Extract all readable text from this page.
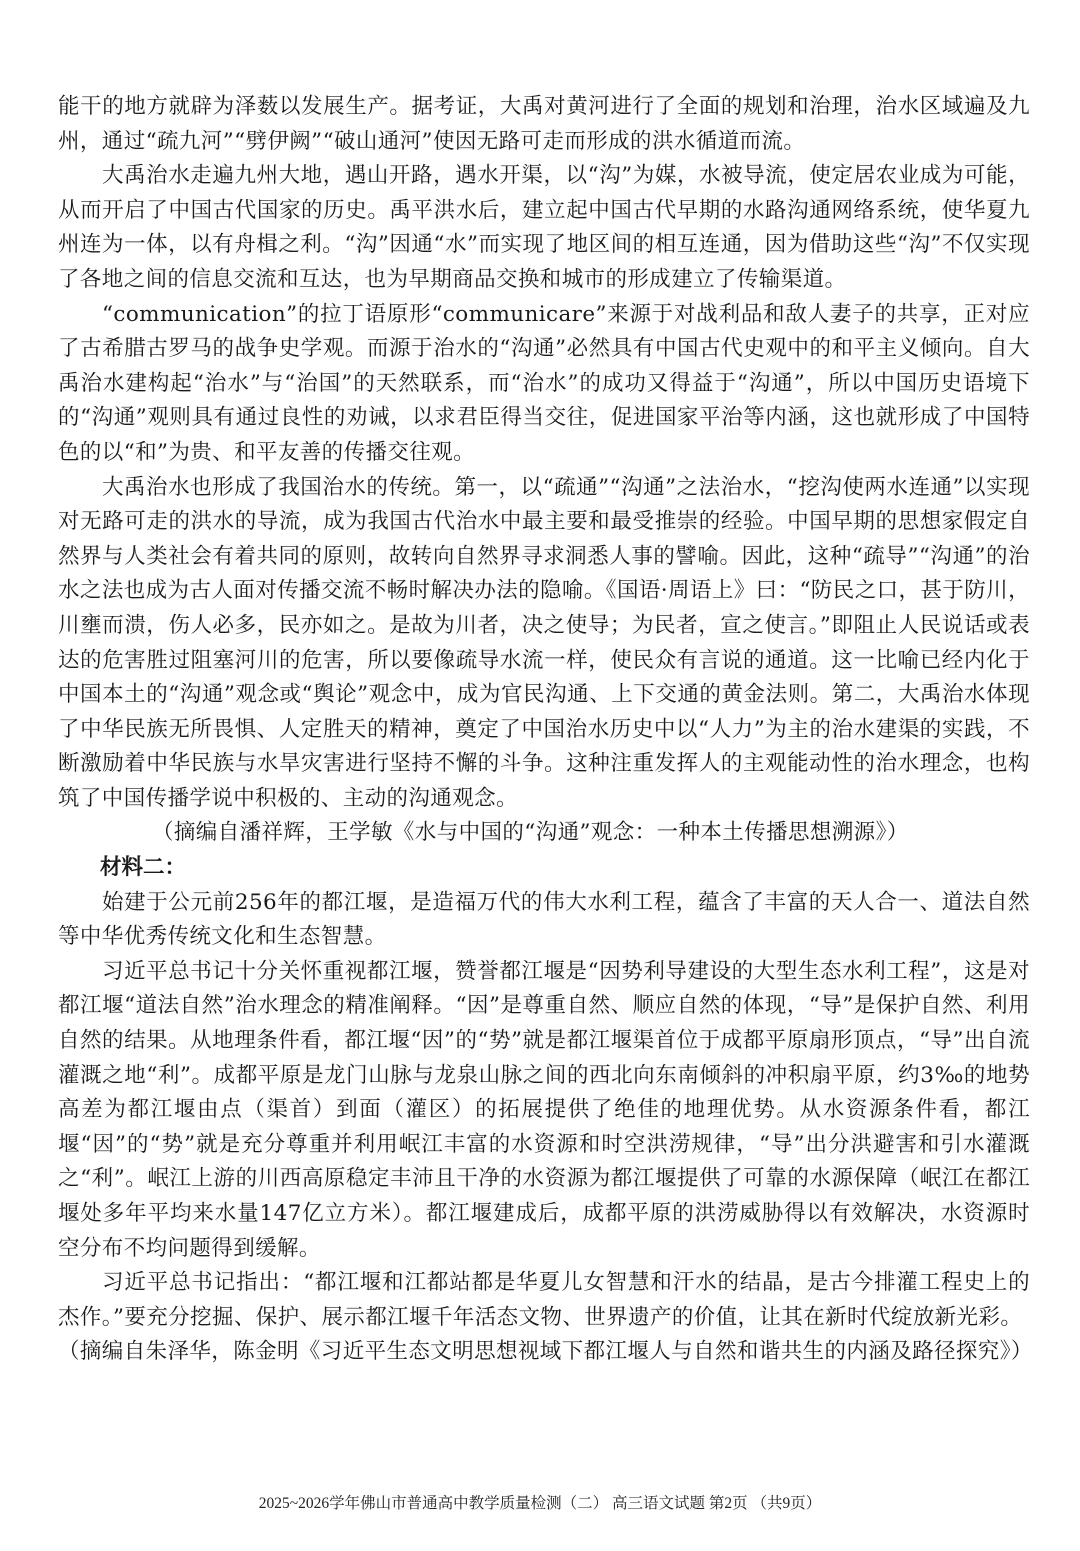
能干的地方就辟为泽薮以发展生产。据考证，大禹对黄河进行了全面的规划和治理，治水区域遍及九州，通过“疏九河”“劈伊阙”“破山通河”使因无路可走而形成的洪水循道而流。

大禹治水走遍九州大地，遇山开路，遇水开渠，以“沟”为媒，水被导流，使定居农业成为可能，从而开启了中国古代国家的历史。禹平洪水后，建立起中国古代早期的水路沟通网络系统，使华夏九州连为一体，以有舟楫之利。“沟”因通“水”而实现了地区间的相互连通，因为借助这些“沟”不仅实现了各地之间的信息交流和互达，也为早期商品交换和城市的形成建立了传输渠道。

“communication”的拉丁语原形“communicare”来源于对战利品和敌人妻子的共享，正对应了古希腊古罗马的战争史学观。而源于治水的“沟通”必然具有中国古代史观中的和平主义倾向。自大禹治水建构起“治水”与“治国”的天然联系，而“治水”的成功又得益于“沟通”，所以中国历史语境下的“沟通”观则具有通过良性的劝诫，以求君臣得当交往，促进国家平治等内涵，这也就形成了中国特色的以“和”为贵、和平友善的传播交往观。

大禹治水也形成了我国治水的传统。第一，以“疏通”“沟通”之法治水，“挖沟使两水连通”以实现对无路可走的洪水的导流，成为我国古代治水中最主要和最受推崇的经验。中国早期的思想家假定自然界与人类社会有着共同的原则，故转向自然界寻求洞悉人事的譬喻。因此，这种“疏导”“沟通”的治水之法也成为古人面对传播交流不畅时解决办法的隐喻。《国语·周语上》曰：“防民之口，甚于防川，川壅而溃，伤人必多，民亦如之。是故为川者，决之使导；为民者，宣之使言。”即阻止人民说话或表达的危害胜过阻塞河川的危害，所以要像疏导水流一样，使民众有言说的通道。这一比喻已经内化于中国本土的“沟通”观念或“舆论”观念中，成为官民沟通、上下交通的黄金法则。第二，大禹治水体现了中华民族无所畏惧、人定胜天的精神，奠定了中国治水历史中以“人力”为主的治水建渠的实践，不断激励着中华民族与水旱灾害进行坚持不懈的斗争。这种注重发挥人的主观能动性的治水理念，也构筑了中国传播学说中积极的、主动的沟通观念。

（摘编自潘祥辉，王学敏《水与中国的“沟通”观念：一种本土传播思想溯源》）

材料二：

始建于公元前256年的都江堰，是造福万代的伟大水利工程，蕴含了丰富的天人合一、道法自然等中华优秀传统文化和生态智慧。

习近平总书记十分关怀重视都江堰，赞誉都江堰是“因势利导建设的大型生态水利工程”，这是对都江堰“道法自然”治水理念的精准阐释。“因”是尊重自然、顺应自然的体现，“导”是保护自然、利用自然的结果。从地理条件看，都江堰“因”的“势”就是都江堰渠首位于成都平原扇形顶点，“导”出自流灌溉之地“利”。成都平原是龙门山脉与龙泉山脉之间的西北向东南倾斜的冲积扇平原，约3‰的地势高差为都江堰由点（渠首）到面（灌区）的拓展提供了绝佳的地理优势。从水资源条件看，都江堰“因”的“势”就是充分尊重并利用岷江丰富的水资源和时空洪涝规律，“导”出分洪避害和引水灌溉之“利”。岷江上游的川西高原稳定丰沛且干净的水资源为都江堰提供了可靠的水源保障（岷江在都江堰处多年平均来水量147亿立方米）。都江堰建成后，成都平原的洪涝威胁得以有效解决，水资源时空分布不均问题得到缓解。

习近平总书记指出：“都江堰和江都站都是华夏儿女智慧和汗水的结晶，是古今排灌工程史上的杰作。”要充分挖掘、保护、展示都江堰千年活态文物、世界遗产的价值，让其在新时代绽放新光彩。

（摘编自朱泽华，陈金明《习近平生态文明思想视域下都江堰人与自然和谐共生的内涵及路径探究》）

2025~2026学年佛山市普通高中教学质量检测（二） 高三语文试题 第2页 （共9页）
